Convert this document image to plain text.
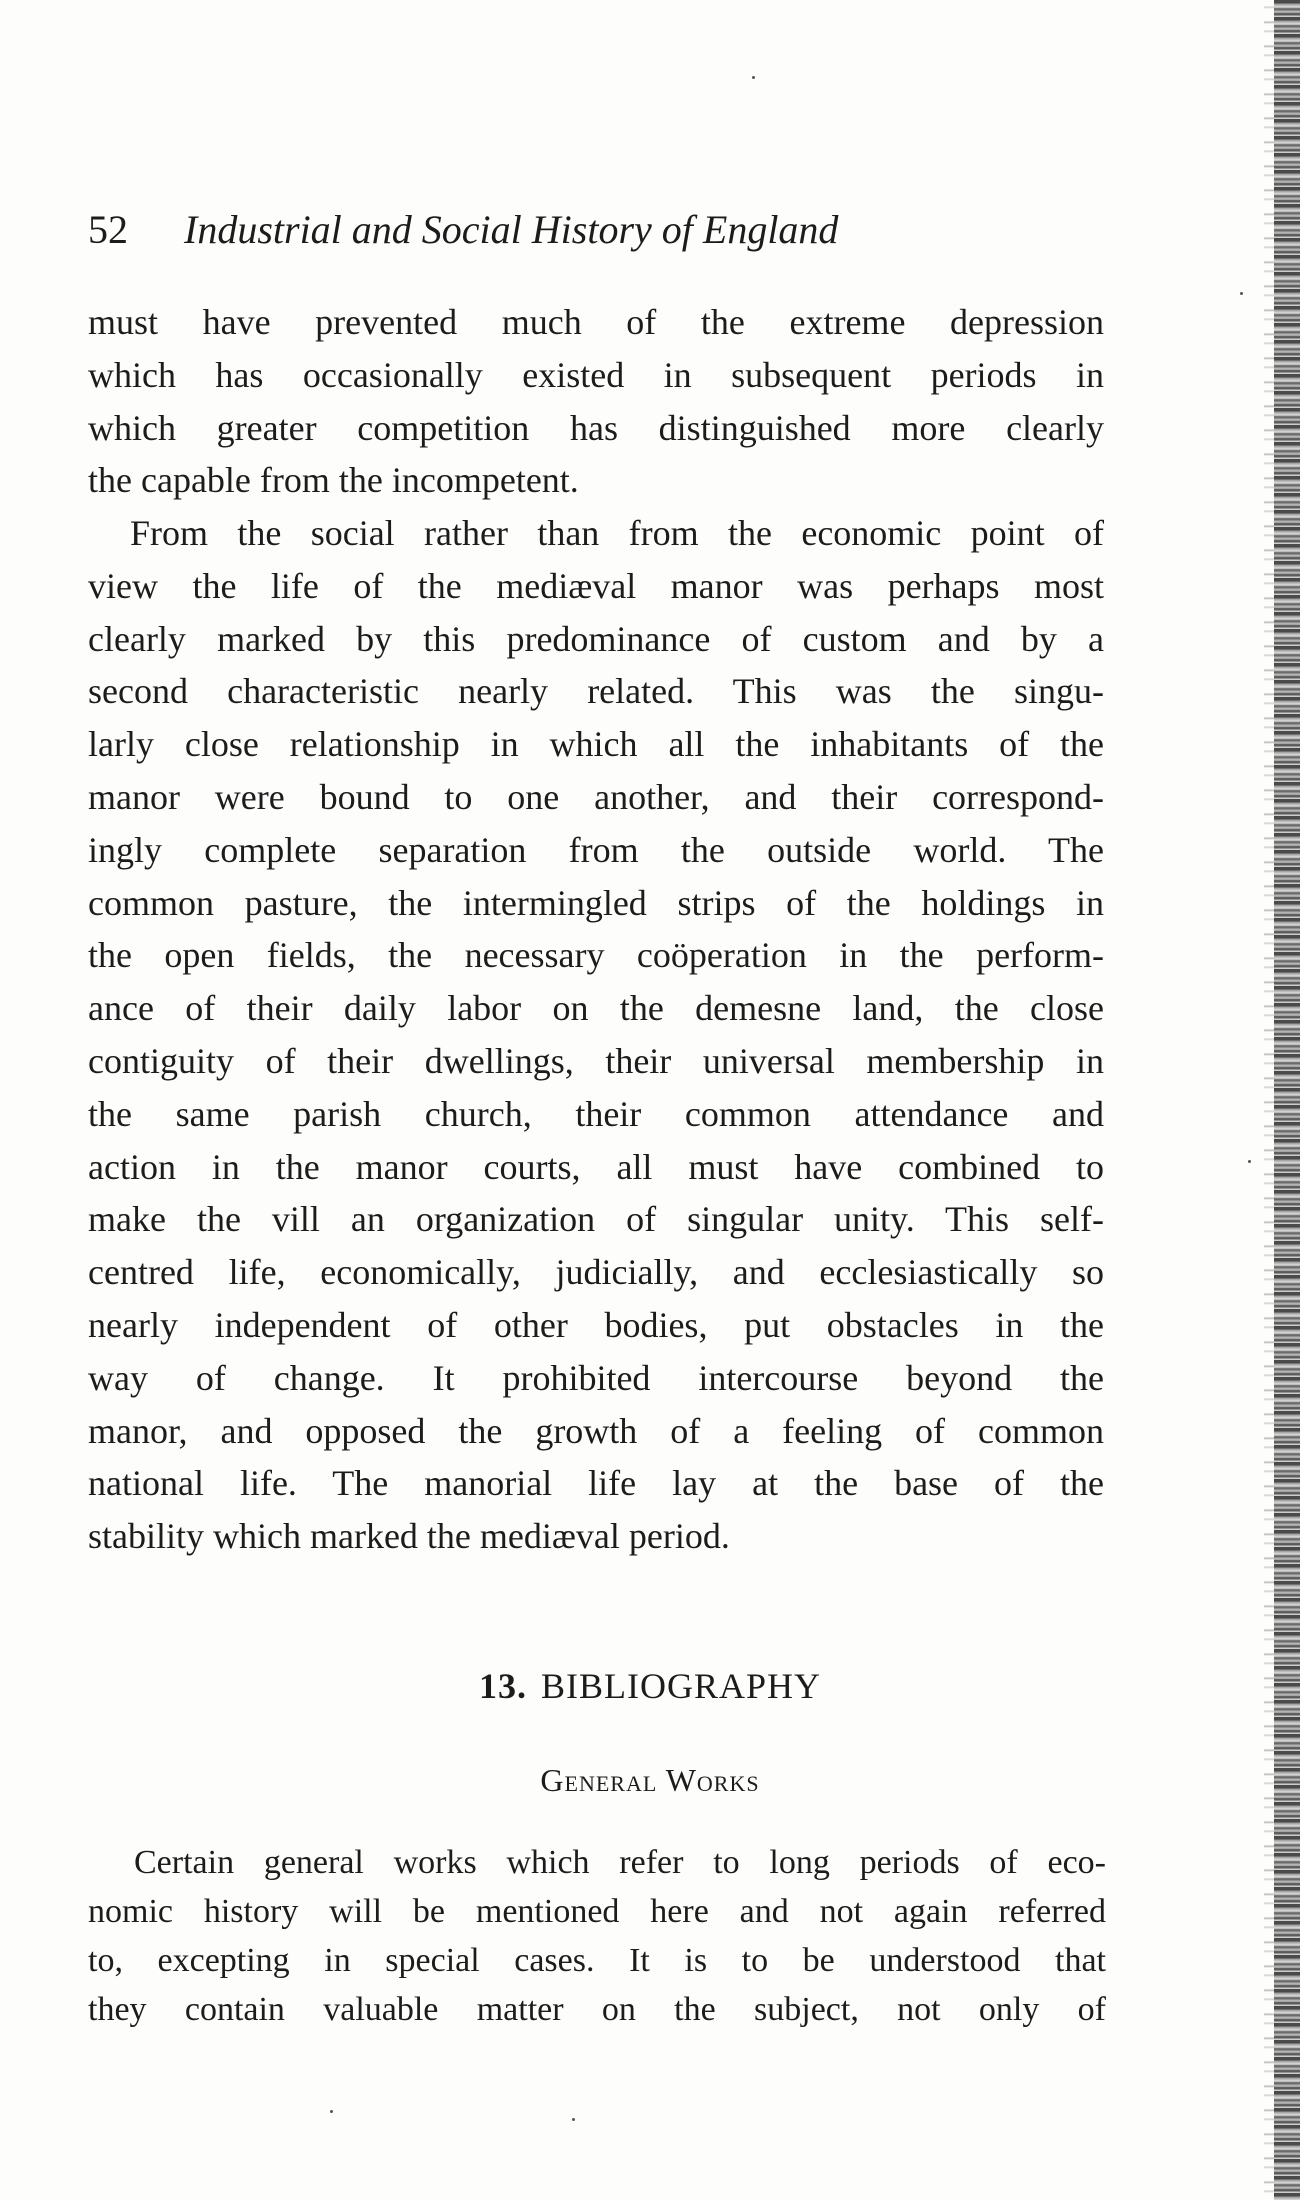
52 Industrial and Social History of England
must have prevented much of the extreme depression
which has occasionally existed in subsequent periods in
which greater competition has distinguished more clearly
the capable from the incompetent.
From the social rather than from the economic point of
view the life of the mediæval manor was perhaps most
clearly marked by this predominance of custom and by a
second characteristic nearly related. This was the singu-
larly close relationship in which all the inhabitants of the
manor were bound to one another, and their correspond-
ingly complete separation from the outside world. The
common pasture, the intermingled strips of the holdings in
the open fields, the necessary coöperation in the perform-
ance of their daily labor on the demesne land, the close
contiguity of their dwellings, their universal membership in
the same parish church, their common attendance and
action in the manor courts, all must have combined to
make the vill an organization of singular unity. This self-
centred life, economically, judicially, and ecclesiastically so
nearly independent of other bodies, put obstacles in the
way of change. It prohibited intercourse beyond the
manor, and opposed the growth of a feeling of common
national life. The manorial life lay at the base of the
stability which marked the mediæval period.
13. BIBLIOGRAPHY
General Works
Certain general works which refer to long periods of eco-
nomic history will be mentioned here and not again referred
to, excepting in special cases. It is to be understood that
they contain valuable matter on the subject, not only of
